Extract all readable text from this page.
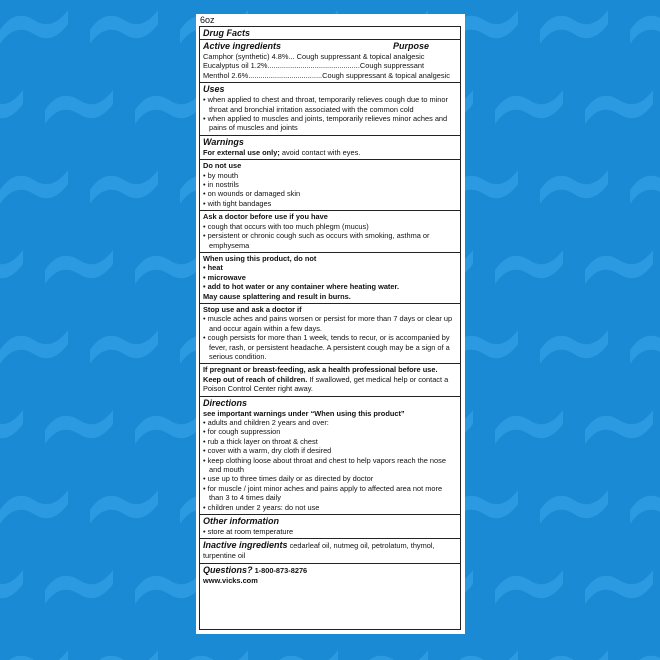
6oz
Drug Facts
Active ingredients	Purpose
Camphor (synthetic) 4.8%... Cough suppressant & topical analgesic
Eucalyptus oil 1.2%.............................................Cough suppressant
Menthol 2.6%....................................Cough suppressant & topical analgesic
Uses
• when applied to chest and throat, temporarily relieves cough due to minor throat and bronchial irritation associated with the common cold
• when applied to muscles and joints, temporarily relieves minor aches and pains of muscles and joints
Warnings
For external use only; avoid contact with eyes.
Do not use
• by mouth
• in nostrils
• on wounds or damaged skin
• with tight bandages
Ask a doctor before use if you have
• cough that occurs with too much phlegm (mucus)
• persistent or chronic cough such as occurs with smoking, asthma or emphysema
When using this product, do not
• heat
• microwave
• add to hot water or any container where heating water.
May cause splattering and result in burns.
Stop use and ask a doctor if
• muscle aches and pains worsen or persist for more than 7 days or clear up and occur again within a few days.
• cough persists for more than 1 week, tends to recur, or is accompanied by fever, rash, or persistent headache. A persistent cough may be a sign of a serious condition.
If pregnant or breast-feeding, ask a health professional before use.
Keep out of reach of children. If swallowed, get medical help or contact a Poison Control Center right away.
Directions
see important warnings under “When using this product”
• adults and children 2 years and over:
• for cough suppression
• rub a thick layer on throat & chest
• cover with a warm, dry cloth if desired
• keep clothing loose about throat and chest to help vapors reach the nose and mouth
• use up to three times daily or as directed by doctor
• for muscle / joint minor aches and pains apply to affected area not more than 3 to 4 times daily
• children under 2 years: do not use
Other information
• store at room temperature
Inactive ingredients cedarleaf oil, nutmeg oil, petrolatum, thymol, turpentine oil
Questions? 1-800-873-8276
www.vicks.com
